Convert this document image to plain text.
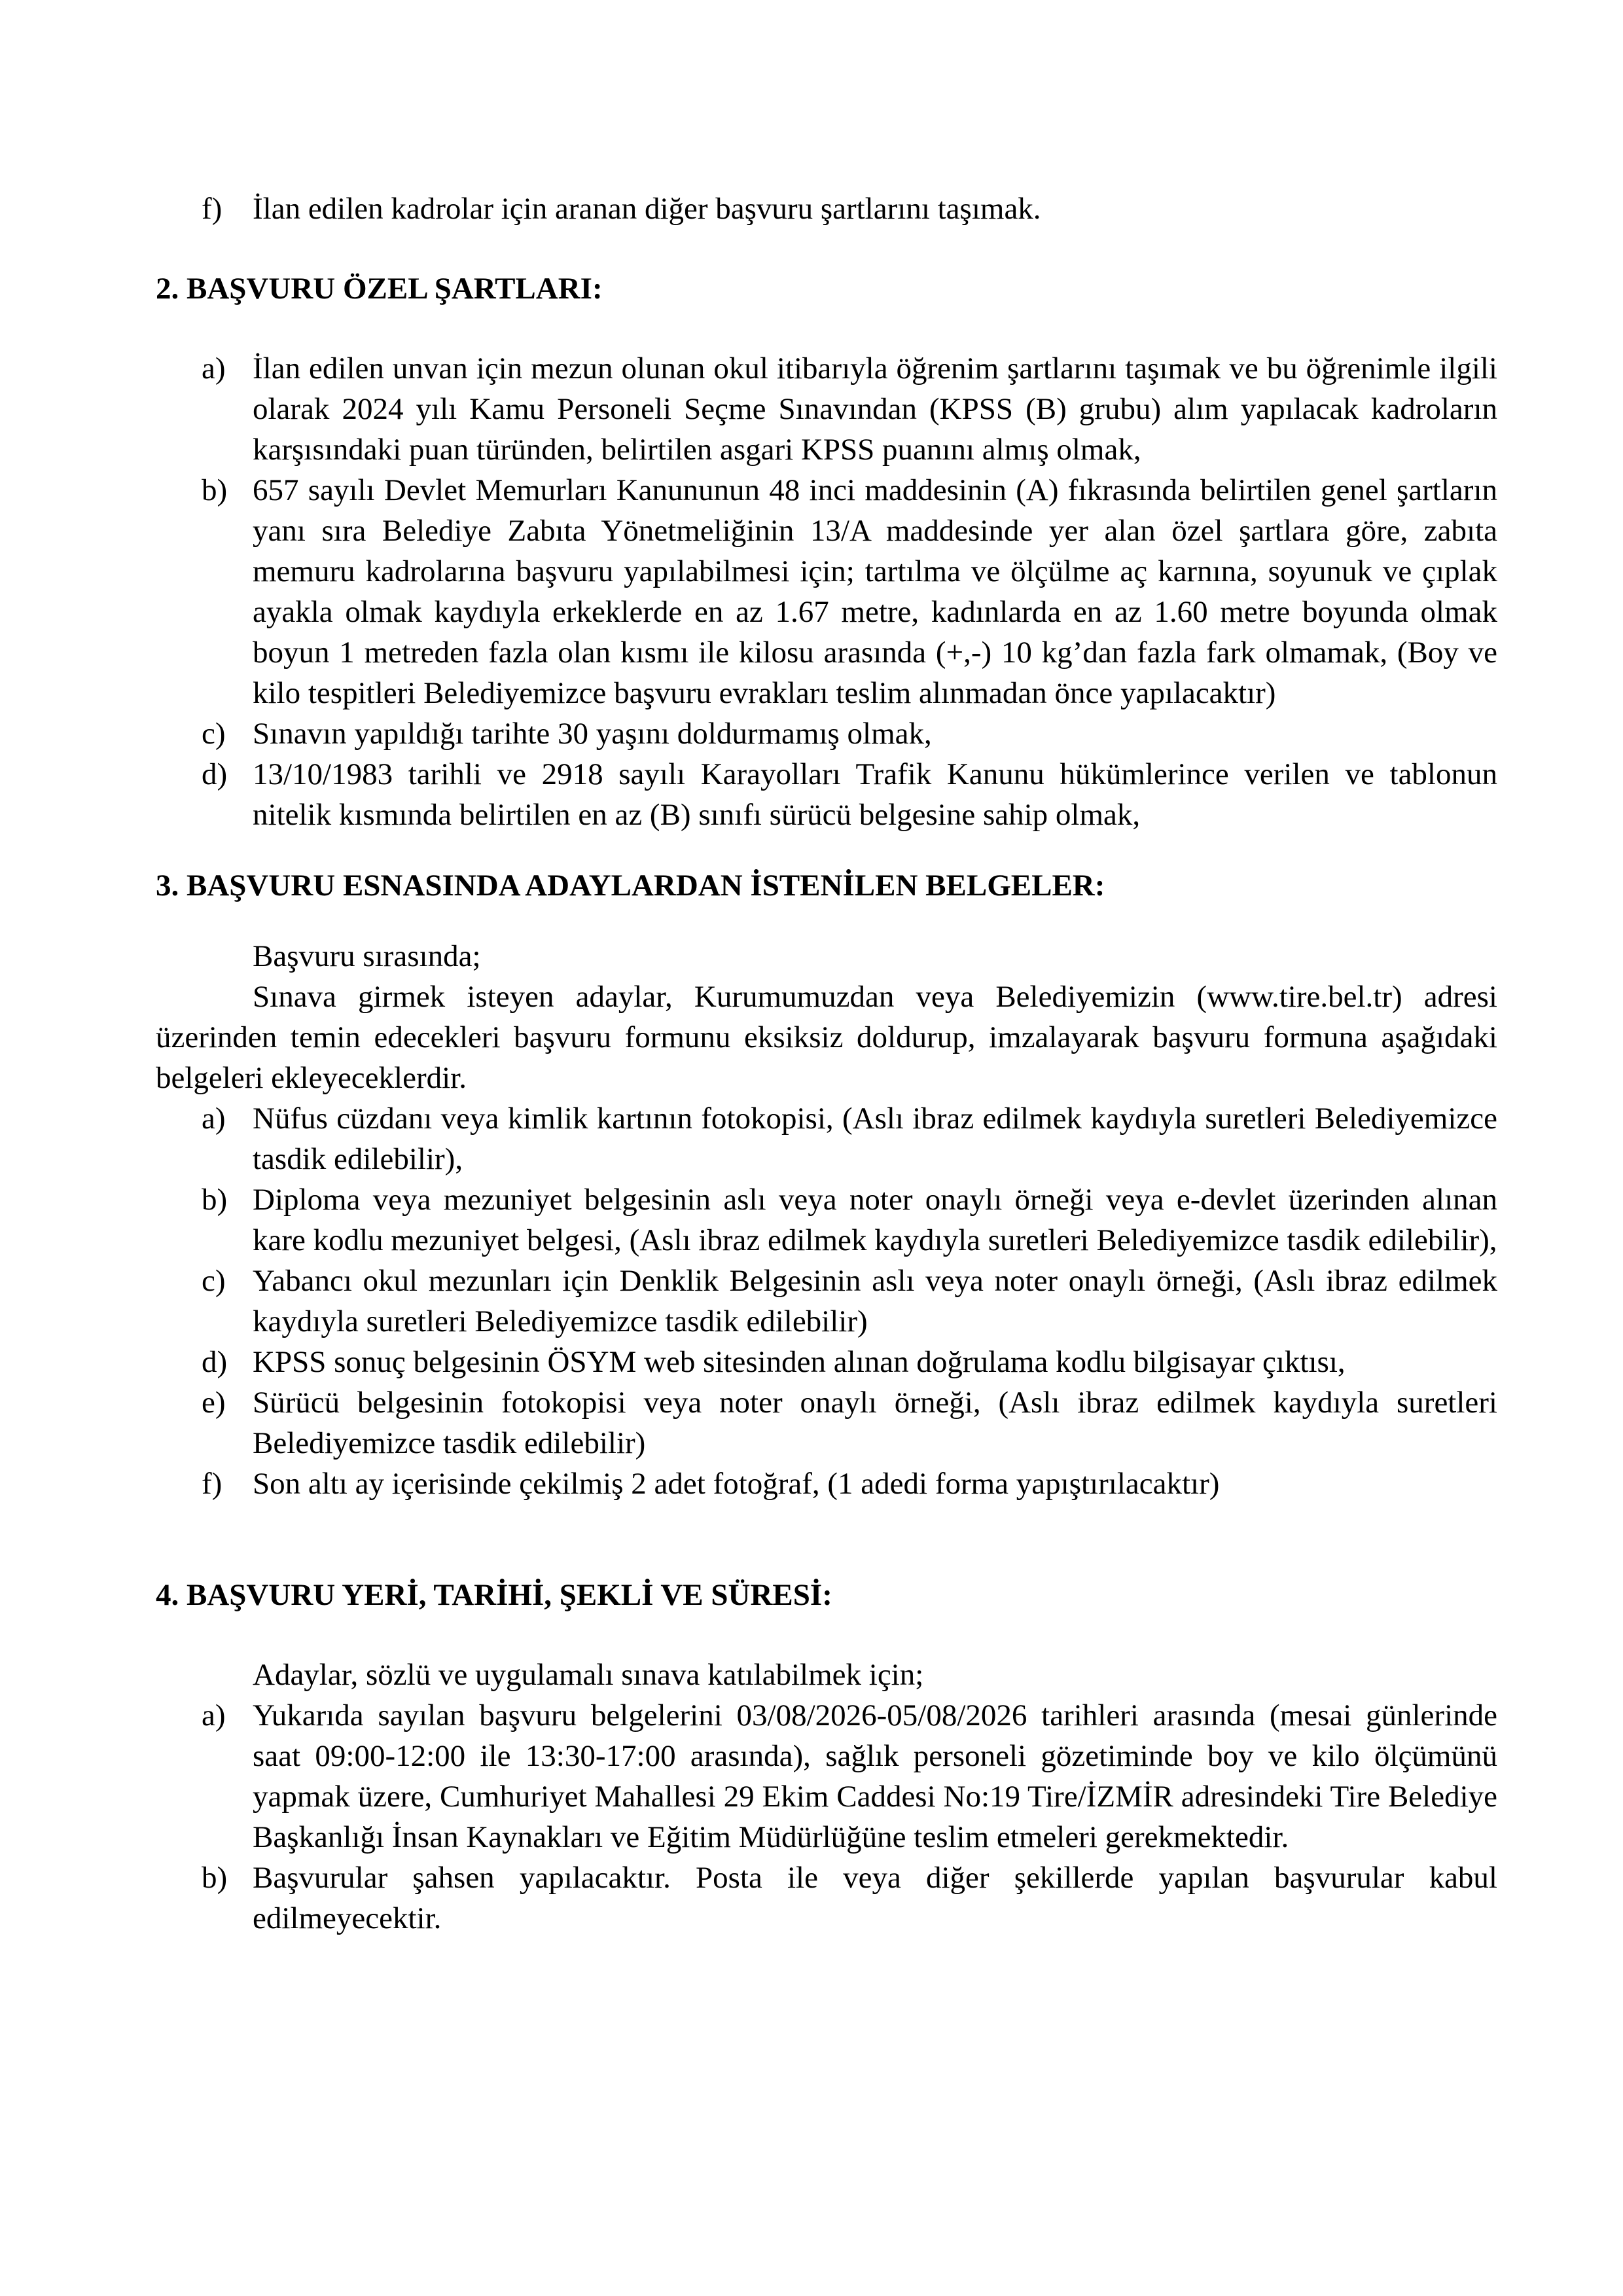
f) İlan edilen kadrolar için aranan diğer başvuru şartlarını taşımak.

2. BAŞVURU ÖZEL ŞARTLARI:

a) İlan edilen unvan için mezun olunan okul itibarıyla öğrenim şartlarını taşımak ve bu öğrenimle ilgili olarak 2024 yılı Kamu Personeli Seçme Sınavından (KPSS (B) grubu) alım yapılacak kadroların karşısındaki puan türünden, belirtilen asgari KPSS puanını almış olmak,

b) 657 sayılı Devlet Memurları Kanununun 48 inci maddesinin (A) fıkrasında belirtilen genel şartların yanı sıra Belediye Zabıta Yönetmeliğinin 13/A maddesinde yer alan özel şartlara göre, zabıta memuru kadrolarına başvuru yapılabilmesi için; tartılma ve ölçülme aç karnına, soyunuk ve çıplak ayakla olmak kaydıyla erkeklerde en az 1.67 metre, kadınlarda en az 1.60 metre boyunda olmak boyun 1 metreden fazla olan kısmı ile kilosu arasında (+,-) 10 kg’dan fazla fark olmamak, (Boy ve kilo tespitleri Belediyemizce başvuru evrakları teslim alınmadan önce yapılacaktır)

c) Sınavın yapıldığı tarihte 30 yaşını doldurmamış olmak,

d) 13/10/1983 tarihli ve 2918 sayılı Karayolları Trafik Kanunu hükümlerince verilen ve tablonun nitelik kısmında belirtilen en az (B) sınıfı sürücü belgesine sahip olmak,

3. BAŞVURU ESNASINDA ADAYLARDAN İSTENİLEN BELGELER:

Başvuru sırasında;

Sınava girmek isteyen adaylar, Kurumumuzdan veya Belediyemizin (www.tire.bel.tr) adresi üzerinden temin edecekleri başvuru formunu eksiksiz doldurup, imzalayarak başvuru formuna aşağıdaki belgeleri ekleyeceklerdir.

a) Nüfus cüzdanı veya kimlik kartının fotokopisi, (Aslı ibraz edilmek kaydıyla suretleri Belediyemizce tasdik edilebilir),

b) Diploma veya mezuniyet belgesinin aslı veya noter onaylı örneği veya e-devlet üzerinden alınan kare kodlu mezuniyet belgesi, (Aslı ibraz edilmek kaydıyla suretleri Belediyemizce tasdik edilebilir),

c) Yabancı okul mezunları için Denklik Belgesinin aslı veya noter onaylı örneği, (Aslı ibraz edilmek kaydıyla suretleri Belediyemizce tasdik edilebilir)

d) KPSS sonuç belgesinin ÖSYM web sitesinden alınan doğrulama kodlu bilgisayar çıktısı,

e) Sürücü belgesinin fotokopisi veya noter onaylı örneği, (Aslı ibraz edilmek kaydıyla suretleri Belediyemizce tasdik edilebilir)

f) Son altı ay içerisinde çekilmiş 2 adet fotoğraf, (1 adedi forma yapıştırılacaktır)

4. BAŞVURU YERİ, TARİHİ, ŞEKLİ VE SÜRESİ:

Adaylar, sözlü ve uygulamalı sınava katılabilmek için;

a) Yukarıda sayılan başvuru belgelerini 03/08/2026-05/08/2026 tarihleri arasında (mesai günlerinde saat 09:00-12:00 ile 13:30-17:00 arasında), sağlık personeli gözetiminde boy ve kilo ölçümünü yapmak üzere, Cumhuriyet Mahallesi 29 Ekim Caddesi No:19 Tire/İZMİR adresindeki Tire Belediye Başkanlığı İnsan Kaynakları ve Eğitim Müdürlüğüne teslim etmeleri gerekmektedir.

b) Başvurular şahsen yapılacaktır. Posta ile veya diğer şekillerde yapılan başvurular kabul edilmeyecektir.
